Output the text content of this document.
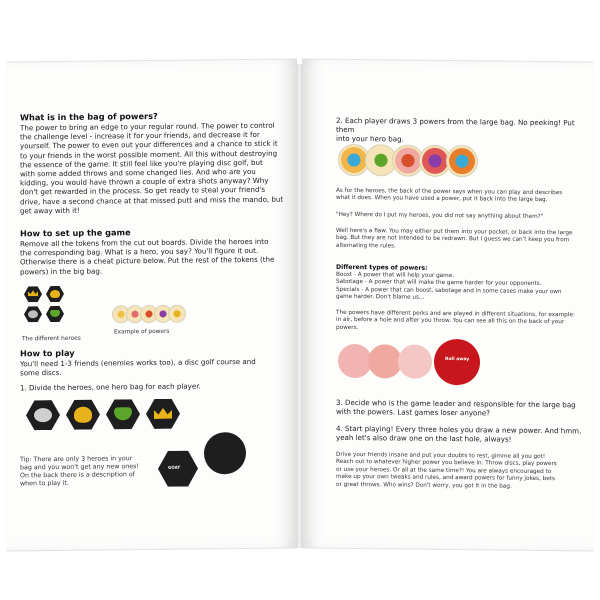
What is in the bag of powers?

The power to bring an edge to your regular round. The power to control

the challenge level - increase it for your friends, and decrease it for

yourself. The power to even out your differences and a chance to stick it

to your friends in the worst possible moment. All this without destroying

the essence of the game. It still feel like you're playing disc golf, but

with some added throws and some changed lies. And who are you

kidding, you would have thrown a couple of extra shots anyway? Why

don't get rewarded in the process. So get ready to steal your friend's

drive, have a second chance at that missed putt and miss the mando, but

get away with it!

How to set up the game

Remove all the tokens from the cut out boards. Divide the heroes into

the corresponding bag. What is a hero, you say? You'll figure it out.

Otherwise there is a cheat picture below. Put the rest of the tokens (the

powers) in the big bag.

The different heroes
Example of powers
How to play

You'll need 1-3 friends (enemies works too), a disc golf course and

some discs.

1. Divide the heroes, one hero bag for each player.

Tip: There are only 3 heroes in your

bag and you won't get any new ones!

On the back there is a description of

when to play it.

GOAT

2. Each player draws 3 powers from the large bag. No peeking! Put them

into your hero bag.

As for the heroes, the back of the power says when you can play and describes

what it does. When you have used a power, put it back into the large bag.

"Hey? Where do I put my heroes, you did not say anything about them?"

Well here's a flaw. You may either put them into your pocket, or back into the large

bag. But they are not intended to be redrawn. But I guess we can't keep you from

alternating the rules.

Different types of powers:

Boost - A power that will help your game.

Sabotage - A power that will make the game harder for your opponents.

Specials - A power that can boost, sabotage and in some cases make your own

game harder. Don't blame us...

The powers have different perks and are played in different situations, for example:

in air, before a hole and after you throw. You can see all this on the back of your

powers.

Roll away

3. Decide who is the game leader and responsible for the large bag

with the powers. Last games loser anyone?

4. Start playing! Every three holes you draw a new power. And hmm,

yeah let's also draw one on the last hole, always!

Drive your friends insane and put your doubts to rest, gimme all you got!

Reach out to whatever higher power you believe in. Throw discs, play powers

or use your heroes. Or all at the same time?! You are always encouraged to

make up your own tweaks and rules, and award powers for funny jokes, bets

or great throws. Who wins? Don't worry, you got it in the bag.
